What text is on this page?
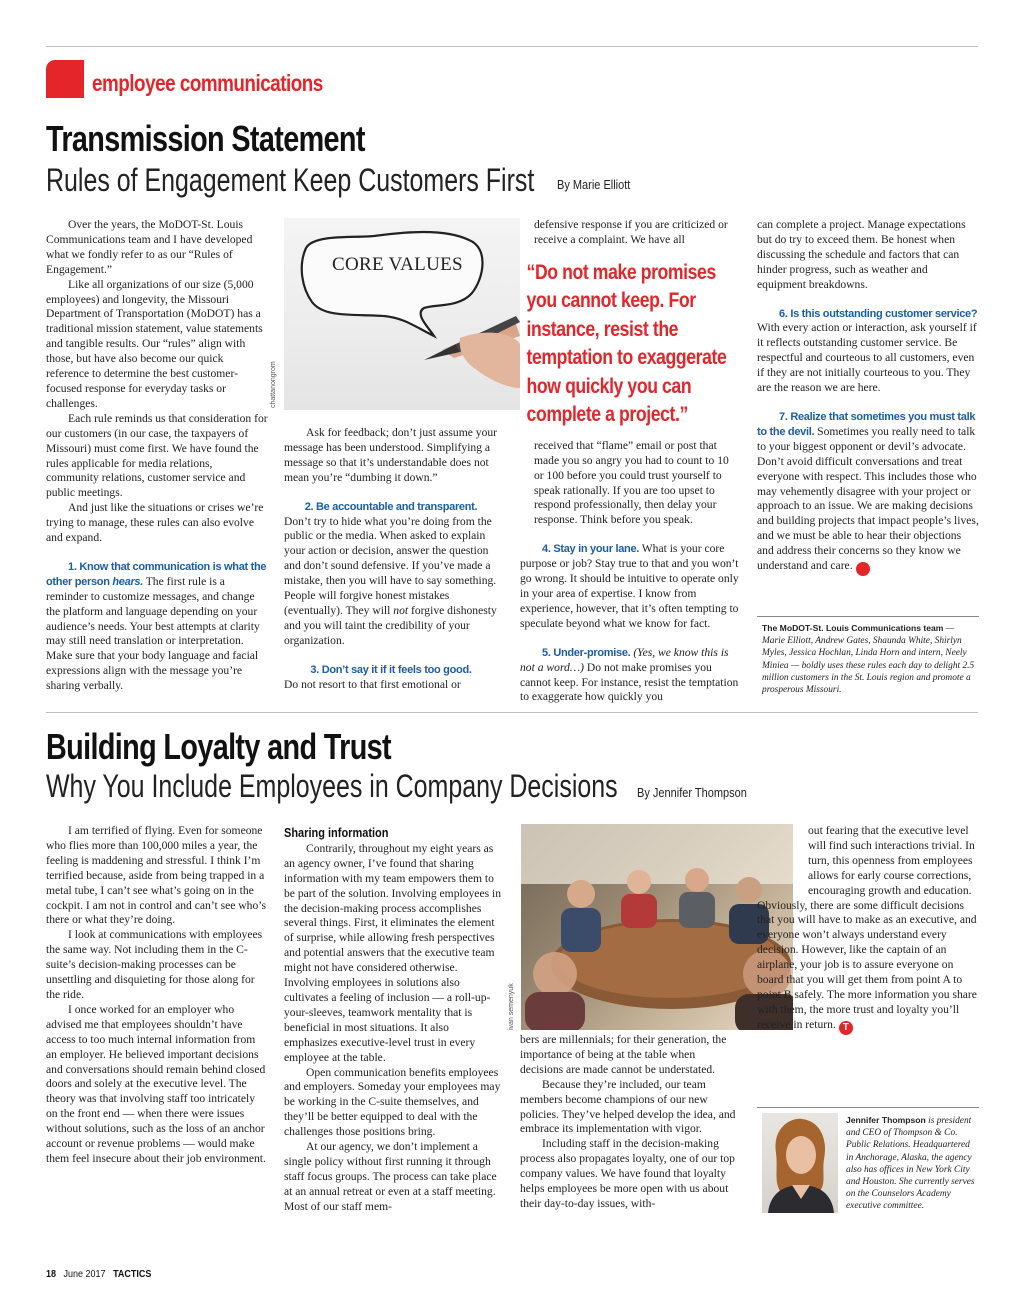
employee communications
Transmission Statement
Rules of Engagement Keep Customers First By Marie Elliott

Over the years, the MoDOT-St. Louis Communications team and I have developed what we fondly refer to as our “Rules of Engagement.”

Like all organizations of our size (5,000 employees) and longevity, the Missouri Department of Transportation (MoDOT) has a traditional mission statement, value statements and tangible results. Our “rules” align with those, but have also become our quick reference to determine the best customer-focused response for everyday tasks or challenges.

Each rule reminds us that consideration for our customers (in our case, the taxpayers of Missouri) must come first. We have found the rules applicable for media relations, community relations, customer service and public meetings.

And just like the situations or crises we’re trying to manage, these rules can also evolve and expand.

1. Know that communication is what the other person hears. The first rule is a reminder to customize messages, and change the platform and language depending on your audience’s needs. Your best attempts at clarity may still need translation or interpretation. Make sure that your body language and facial expressions align with the message you’re sharing verbally.

CORE VALUES
chattanongrom

Ask for feedback; don’t just assume your message has been understood. Simplifying a message so that it’s understandable does not mean you’re “dumbing it down.”

2. Be accountable and transparent.

Don’t try to hide what you’re doing from the public or the media. When asked to explain your action or decision, answer the question and don’t sound defensive. If you’ve made a mistake, then you will have to say something. People will forgive honest mistakes (eventually). They will not forgive dishonesty and you will taint the credibility of your organization.

3. Don’t say it if it feels too good.

Do not resort to that first emotional or

defensive response if you are criticized or receive a complaint. We have all

“Do not make promises you cannot keep. For instance, resist the temptation to exaggerate how quickly you can complete a project.”

received that “flame” email or post that made you so angry you had to count to 10 or 100 before you could trust yourself to speak rationally. If you are too upset to respond professionally, then delay your response. Think before you speak.

4. Stay in your lane. What is your core purpose or job? Stay true to that and you won’t go wrong. It should be intuitive to operate only in your area of expertise. I know from experience, however, that it’s often tempting to speculate beyond what we know for fact.

5. Under-promise. (Yes, we know this is not a word…) Do not make promises you cannot keep. For instance, resist the temptation to exaggerate how quickly you

can complete a project. Manage expectations but do try to exceed them. Be honest when discussing the schedule and factors that can hinder progress, such as weather and equipment breakdowns.

6. Is this outstanding customer service? With every action or interaction, ask yourself if it reflects outstanding customer service. Be respectful and courteous to all customers, even if they are not initially courteous to you. They are the reason we are here.

7. Realize that sometimes you must talk to the devil. Sometimes you really need to talk to your biggest opponent or devil’s advocate. Don’t avoid difficult conversations and treat everyone with respect. This includes those who may vehemently disagree with your project or approach to an issue. We are making decisions and building projects that impact people’s lives, and we must be able to hear their objections and address their concerns so they know we understand and care.	T

The MoDOT-St. Louis Communications team — Marie Elliott, Andrew Gates, Shaunda White, Shirlyn Myles, Jessica Hochlan, Linda Horn and intern, Neely Miniea — boldly uses these rules each day to delight 2.5 million customers in the St. Louis region and promote a prosperous Missouri.
Building Loyalty and Trust
Why You Include Employees in Company Decisions By Jennifer Thompson

I am terrified of flying. Even for someone who flies more than 100,000 miles a year, the feeling is maddening and stressful. I think I’m terrified because, aside from being trapped in a metal tube, I can’t see what’s going on in the cockpit. I am not in control and can’t see who’s there or what they’re doing.

I look at communications with employees the same way. Not including them in the C-suite’s decision-making processes can be unsettling and disquieting for those along for the ride.

I once worked for an employer who advised me that employees shouldn’t have access to too much internal information from an employer. He believed important decisions and conversations should remain behind closed doors and solely at the executive level. The theory was that involving staff too intricately on the front end — when there were issues without solutions, such as the loss of an anchor account or revenue problems — would make them feel insecure about their job environment.

Sharing information

Contrarily, throughout my eight years as an agency owner, I’ve found that sharing information with my team empowers them to be part of the solution. Involving employees in the decision-making process accomplishes several things. First, it eliminates the element of surprise, while allowing fresh perspectives and potential answers that the executive team might not have considered otherwise. Involving employees in solutions also cultivates a feeling of inclusion — a roll-up-your-sleeves, teamwork mentality that is beneficial in most situations. It also emphasizes executive-level trust in every employee at the table.

Open communication benefits employees and employers. Someday your employees may be working in the C-suite themselves, and they’ll be better equipped to deal with the challenges those positions bring.

At our agency, we don’t implement a single policy without first running it through staff focus groups. The process can take place at an annual retreat or even at a staff meeting. Most of our staff mem-

ivan semenyuk

bers are millennials; for their generation, the importance of being at the table when decisions are made cannot be understated.

Because they’re included, our team members become champions of our new policies. They’ve helped develop the idea, and embrace its implementation with vigor.

Including staff in the decision-making process also propagates loyalty, one of our top company values. We have found that loyalty helps employees be more open with us about their day-to-day issues, with-

out fearing that the executive level will find such interactions trivial. In turn, this openness from employees allows for early course corrections, encouraging growth and education.

Obviously, there are some difficult decisions that you will have to make as an executive, and everyone won’t always understand every decision. However, like the captain of an airplane, your job is to assure everyone on board that you will get them from point A to point B safely. The more information you share with them, the more trust and loyalty you’ll receive in return. T

Jennifer Thompson is president and CEO of Thompson & Co. Public Relations. Headquartered in Anchorage, Alaska, the agency also has offices in New York City and Houston. She currently serves on the Counselors Academy executive committee.
18 June 2017 TACTICS
